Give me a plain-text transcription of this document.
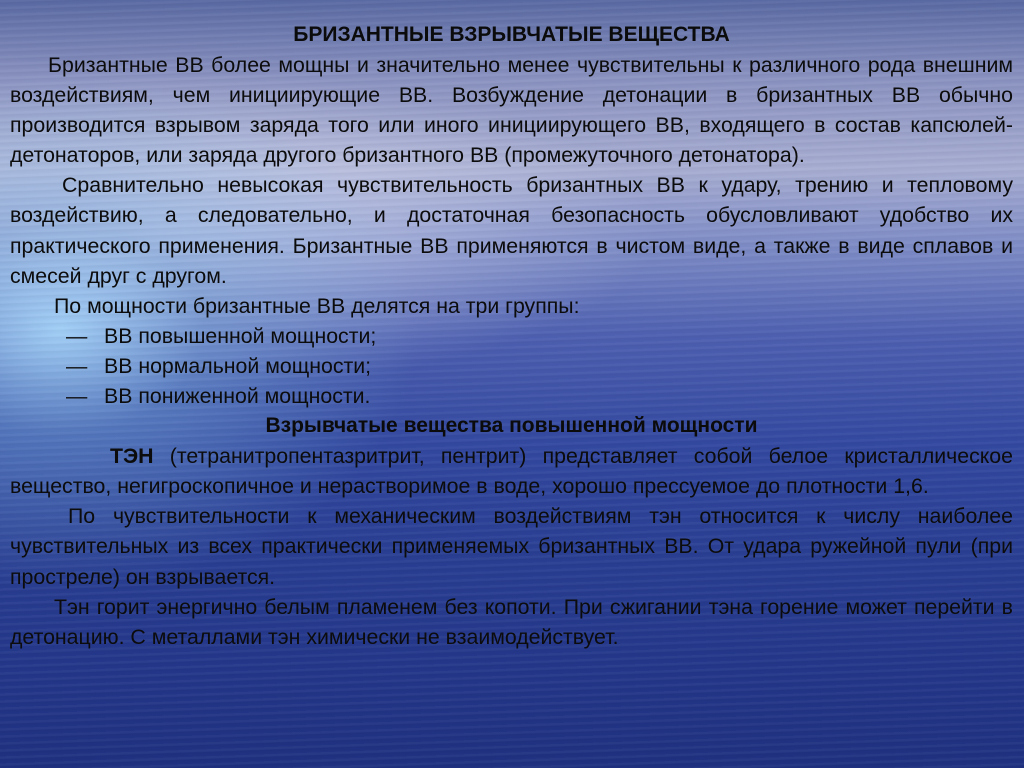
БРИЗАНТНЫЕ ВЗРЫВЧАТЫЕ ВЕЩЕСТВА

Бризантные ВВ более мощны и значительно менее чувствительны к различного рода внешним воздействиям, чем инициирующие ВВ. Возбуждение детонации в бризантных ВВ обычно производится взрывом заряда того или иного инициирующего ВВ, входящего в состав капсюлей-детонаторов, или заряда другого бризантного ВВ (промежуточного детонатора).

Сравнительно невысокая чувствительность бризантных ВВ к удару, трению и тепловому воздействию, а следовательно, и достаточная безопасность обусловливают удобство их практического применения. Бризантные ВВ применяются в чистом виде, а также в виде сплавов и смесей друг с другом.

По мощности бризантные ВВ делятся на три группы:

— ВВ повышенной мощности;
— ВВ нормальной мощности;
— ВВ пониженной мощности.
Взрывчатые вещества повышенной мощности

ТЭН (тетранитропентазритрит, пентрит) представляет собой белое кристаллическое вещество, негигроскопичное и нерастворимое в воде, хорошо прессуемое до плотности 1,6.

По чувствительности к механическим воздействиям тэн относится к числу наиболее чувствительных из всех практически применяемых бризантных ВВ. От удара ружейной пули (при простреле) он взрывается.

Тэн горит энергично белым пламенем без копоти. При сжигании тэна горение может перейти в детонацию. С металлами тэн химически не взаимодействует.
